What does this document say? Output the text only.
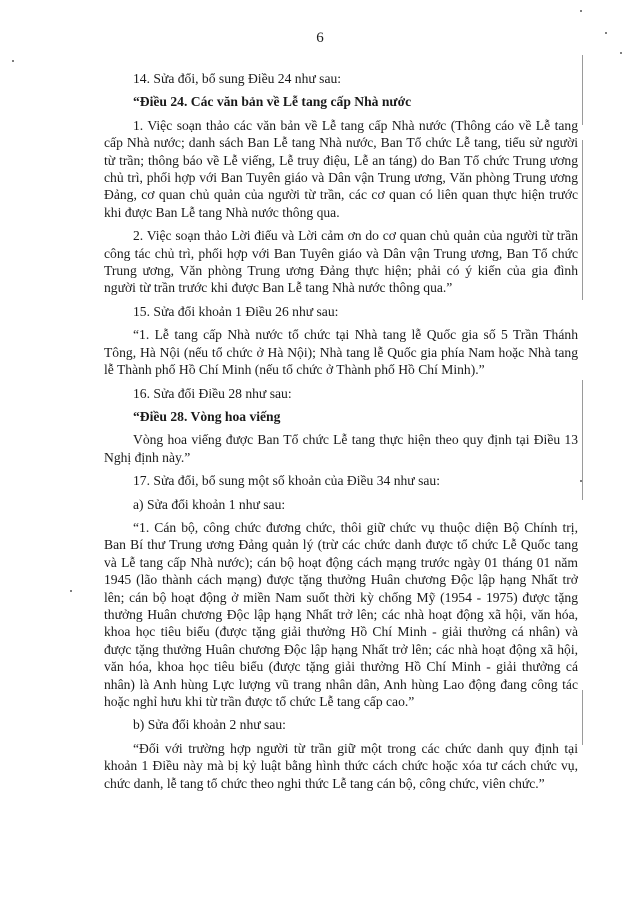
6

14. Sửa đổi, bổ sung Điều 24 như sau:

“Điều 24. Các văn bản về Lễ tang cấp Nhà nước

1. Việc soạn thảo các văn bản về Lễ tang cấp Nhà nước (Thông cáo về Lễ tang cấp Nhà nước; danh sách Ban Lễ tang Nhà nước, Ban Tổ chức Lễ tang, tiểu sử người từ trần; thông báo về Lễ viếng, Lễ truy điệu, Lễ an táng) do Ban Tổ chức Trung ương chủ trì, phối hợp với Ban Tuyên giáo và Dân vận Trung ương, Văn phòng Trung ương Đảng, cơ quan chủ quản của người từ trần, các cơ quan có liên quan thực hiện trước khi được Ban Lễ tang Nhà nước thông qua.

2. Việc soạn thảo Lời điếu và Lời cảm ơn do cơ quan chủ quản của người từ trần công tác chủ trì, phối hợp với Ban Tuyên giáo và Dân vận Trung ương, Ban Tổ chức Trung ương, Văn phòng Trung ương Đảng thực hiện; phải có ý kiến của gia đình người từ trần trước khi được Ban Lễ tang Nhà nước thông qua.”

15. Sửa đổi khoản 1 Điều 26 như sau:

“1. Lễ tang cấp Nhà nước tổ chức tại Nhà tang lễ Quốc gia số 5 Trần Thánh Tông, Hà Nội (nếu tổ chức ở Hà Nội); Nhà tang lễ Quốc gia phía Nam hoặc Nhà tang lễ Thành phố Hồ Chí Minh (nếu tổ chức ở Thành phố Hồ Chí Minh).”

16. Sửa đổi Điều 28 như sau:

“Điều 28. Vòng hoa viếng

Vòng hoa viếng được Ban Tổ chức Lễ tang thực hiện theo quy định tại Điều 13 Nghị định này.”

17. Sửa đổi, bổ sung một số khoản của Điều 34 như sau:

a) Sửa đổi khoản 1 như sau:

“1. Cán bộ, công chức đương chức, thôi giữ chức vụ thuộc diện Bộ Chính trị, Ban Bí thư Trung ương Đảng quản lý (trừ các chức danh được tổ chức Lễ Quốc tang và Lễ tang cấp Nhà nước); cán bộ hoạt động cách mạng trước ngày 01 tháng 01 năm 1945 (lão thành cách mạng) được tặng thưởng Huân chương Độc lập hạng Nhất trở lên; cán bộ hoạt động ở miền Nam suốt thời kỳ chống Mỹ (1954 - 1975) được tặng thưởng Huân chương Độc lập hạng Nhất trở lên; các nhà hoạt động xã hội, văn hóa, khoa học tiêu biểu (được tặng giải thưởng Hồ Chí Minh - giải thưởng cá nhân) và được tặng thưởng Huân chương Độc lập hạng Nhất trở lên; các nhà hoạt động xã hội, văn hóa, khoa học tiêu biểu (được tặng giải thưởng Hồ Chí Minh - giải thưởng cá nhân) là Anh hùng Lực lượng vũ trang nhân dân, Anh hùng Lao động đang công tác hoặc nghỉ hưu khi từ trần được tổ chức Lễ tang cấp cao.”

b) Sửa đổi khoản 2 như sau:

“Đối với trường hợp người từ trần giữ một trong các chức danh quy định tại khoản 1 Điều này mà bị kỷ luật bằng hình thức cách chức hoặc xóa tư cách chức vụ, chức danh, lễ tang tổ chức theo nghi thức Lễ tang cán bộ, công chức, viên chức.”
